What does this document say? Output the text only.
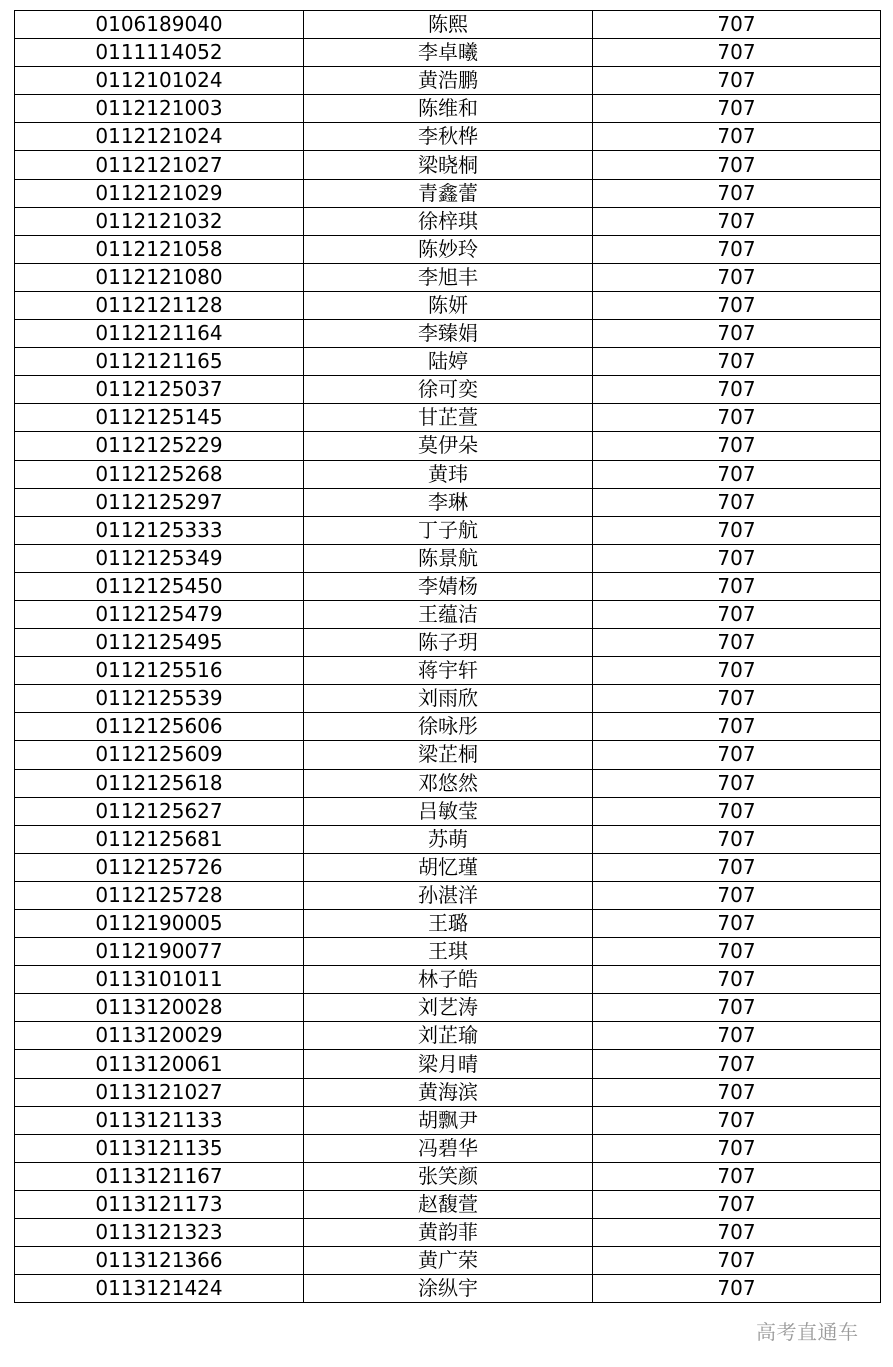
0106189040	陈熙	707
0111114052	李卓曦	707
0112101024	黄浩鹏	707
0112121003	陈维和	707
0112121024	李秋桦	707
0112121027	梁晓桐	707
0112121029	青鑫蕾	707
0112121032	徐梓琪	707
0112121058	陈妙玲	707
0112121080	李旭丰	707
0112121128	陈妍	707
0112121164	李臻娟	707
0112121165	陆婷	707
0112125037	徐可奕	707
0112125145	甘芷萱	707
0112125229	莫伊朵	707
0112125268	黄玮	707
0112125297	李琳	707
0112125333	丁子航	707
0112125349	陈景航	707
0112125450	李婧杨	707
0112125479	王蕴洁	707
0112125495	陈子玥	707
0112125516	蒋宇轩	707
0112125539	刘雨欣	707
0112125606	徐咏彤	707
0112125609	梁芷桐	707
0112125618	邓悠然	707
0112125627	吕敏莹	707
0112125681	苏萌	707
0112125726	胡忆瑾	707
0112125728	孙湛洋	707
0112190005	王璐	707
0112190077	王琪	707
0113101011	林子皓	707
0113120028	刘艺涛	707
0113120029	刘芷瑜	707
0113120061	梁月晴	707
0113121027	黄海滨	707
0113121133	胡飘尹	707
0113121135	冯碧华	707
0113121167	张笑颜	707
0113121173	赵馥萱	707
0113121323	黄韵菲	707
0113121366	黄广荣	707
0113121424	涂纵宇	707
高考直通车
